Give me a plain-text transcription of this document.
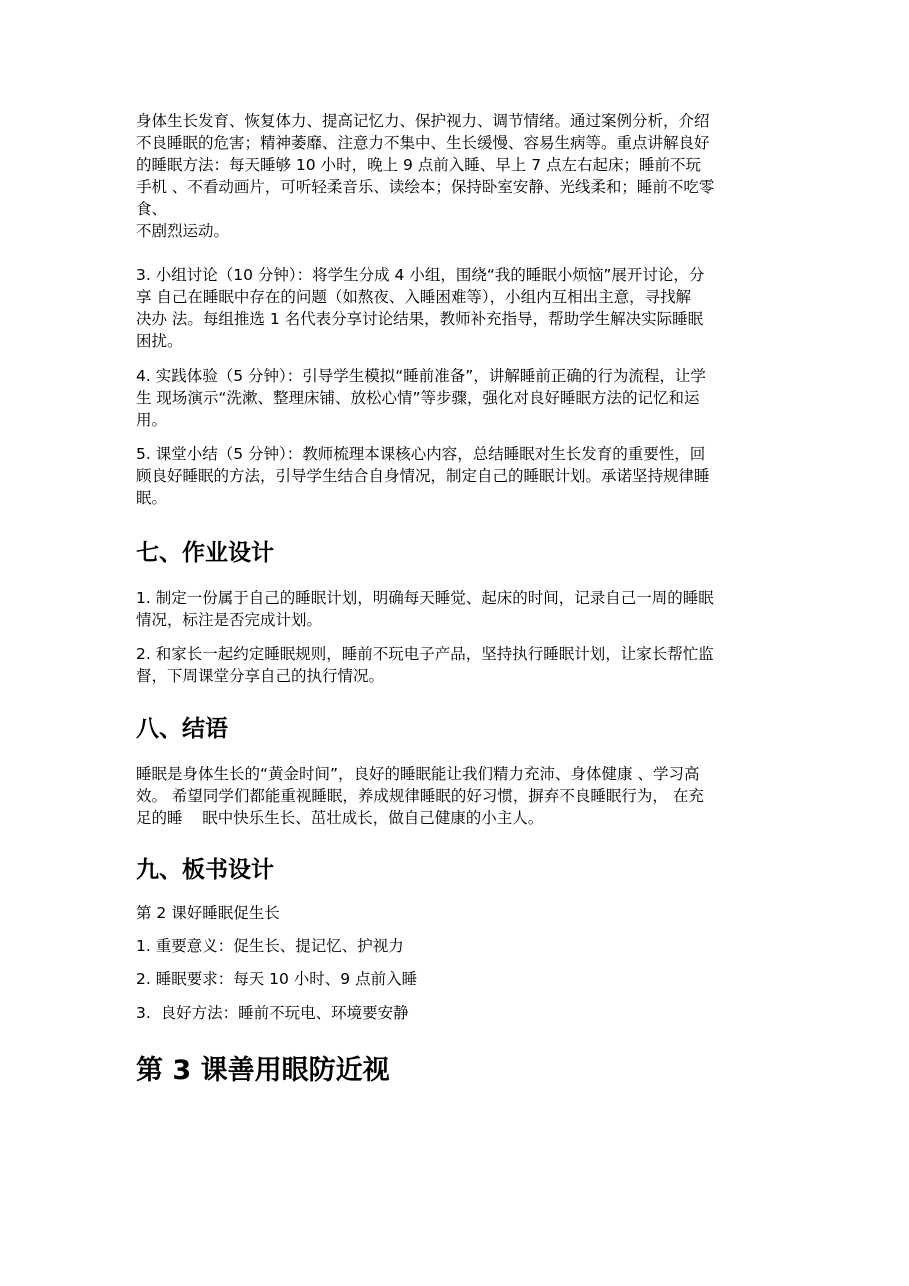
身体生长发育、恢复体力、提高记忆力、保护视力、调节情绪。通过案例分析，介绍
不良睡眠的危害；精神萎靡、注意力不集中、生长缓慢、容易生病等。重点讲解良好
的睡眠方法：每天睡够 10 小时，晚上 9 点前入睡、早上 7 点左右起床；睡前不玩
手机 、不看动画片，可听轻柔音乐、读绘本；保持卧室安静、光线柔和；睡前不吃零
食、
不剧烈运动。
3. 小组讨论（10 分钟）：将学生分成 4 小组，围绕“我的睡眠小烦恼”展开讨论，分
享 自己在睡眠中存在的问题（如熬夜、入睡困难等），小组内互相出主意，寻找解
决办 法。每组推选 1 名代表分享讨论结果，教师补充指导，帮助学生解决实际睡眠
困扰。
4. 实践体验（5 分钟）：引导学生模拟“睡前准备”，讲解睡前正确的行为流程，让学
生 现场演示“洗漱、整理床铺、放松心情”等步骤，强化对良好睡眠方法的记忆和运
用。
5. 课堂小结（5 分钟）：教师梳理本课核心内容，总结睡眠对生长发育的重要性，回
顾良好睡眠的方法，引导学生结合自身情况，制定自己的睡眠计划。承诺坚持规律睡
眠。
七、作业设计
1. 制定一份属于自己的睡眠计划，明确每天睡觉、起床的时间，记录自己一周的睡眠
情况，标注是否完成计划。
2. 和家长一起约定睡眠规则，睡前不玩电子产品，坚持执行睡眠计划，让家长帮忙监
督，下周课堂分享自己的执行情况。
八、结语
睡眠是身体生长的“黄金时间”，良好的睡眠能让我们精力充沛、身体健康 、学习高
效。 希望同学们都能重视睡眠，养成规律睡眠的好习惯，摒弃不良睡眠行为， 在充
足的睡    眠中快乐生长、茁壮成长，做自己健康的小主人。
九、板书设计
第 2 课好睡眠促生长
1. 重要意义：促生长、提记忆、护视力
2. 睡眠要求：每天 10 小时、9 点前入睡
3.  良好方法：睡前不玩电、环境要安静
第 3 课善用眼防近视
